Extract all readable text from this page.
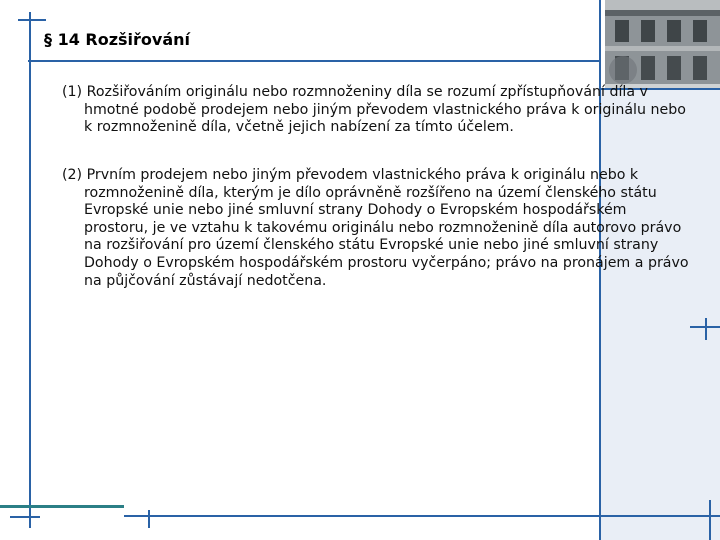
§ 14 Rozšiřování

(1) Rozšiřováním originálu nebo rozmnoženiny díla se rozumí zpřístupňování díla v
hmotné podobě prodejem nebo jiným převodem vlastnického práva k originálu nebo
k rozmnoženině díla, včetně jejich nabízení za tímto účelem.

(2) Prvním prodejem nebo jiným převodem vlastnického práva k originálu nebo k
rozmnoženině díla, kterým je dílo oprávněně rozšířeno na území členského státu
Evropské unie nebo jiné smluvní strany Dohody o Evropském hospodářském
prostoru, je ve vztahu k takovému originálu nebo rozmnoženině díla autorovo právo
na rozšiřování pro území členského státu Evropské unie nebo jiné smluvní strany
Dohody o Evropském hospodářském prostoru vyčerpáno; právo na pronájem a právo
na půjčování zůstávají nedotčena.
